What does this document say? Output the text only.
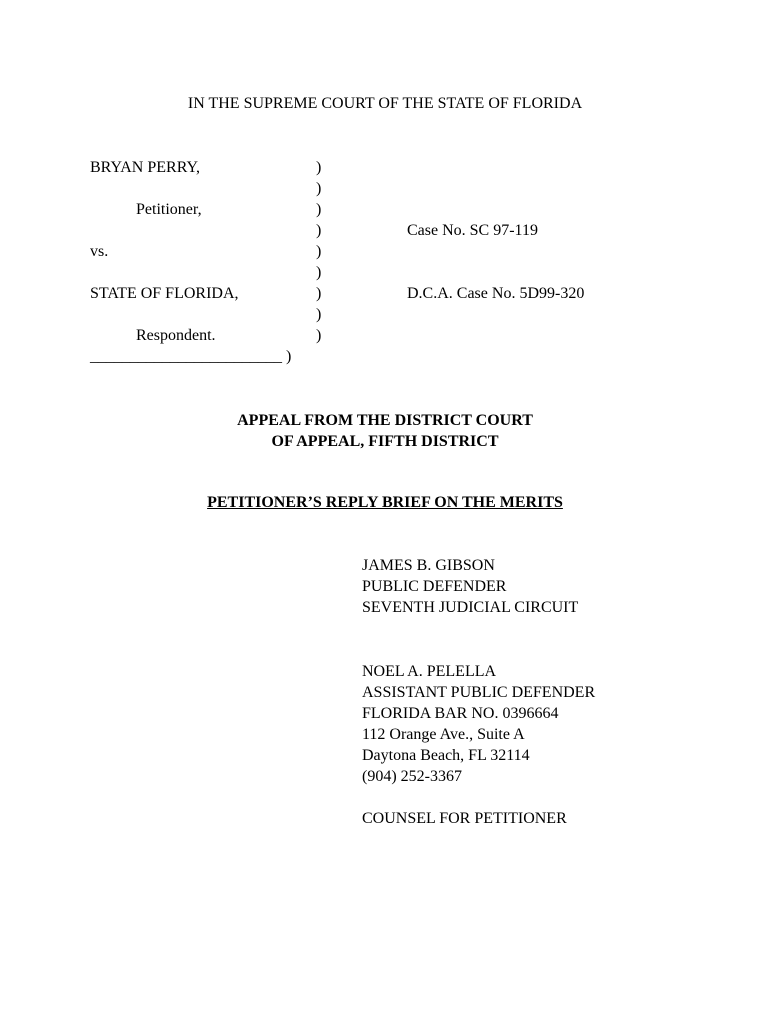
IN THE SUPREME COURT OF THE STATE OF FLORIDA
BRYAN PERRY,
Petitioner,
vs.
STATE OF FLORIDA,
Respondent.
)
)
)
)
)
)
)
)
)
________________________ )
Case No. SC 97-119
D.C.A. Case No. 5D99-320
APPEAL FROM THE DISTRICT COURT
OF APPEAL, FIFTH DISTRICT
PETITIONER’S REPLY BRIEF ON THE MERITS
JAMES B. GIBSON
PUBLIC DEFENDER
SEVENTH JUDICIAL CIRCUIT
NOEL A. PELELLA
ASSISTANT PUBLIC DEFENDER
FLORIDA BAR NO. 0396664
112 Orange Ave., Suite A
Daytona Beach, FL 32114
(904) 252-3367
COUNSEL FOR PETITIONER
